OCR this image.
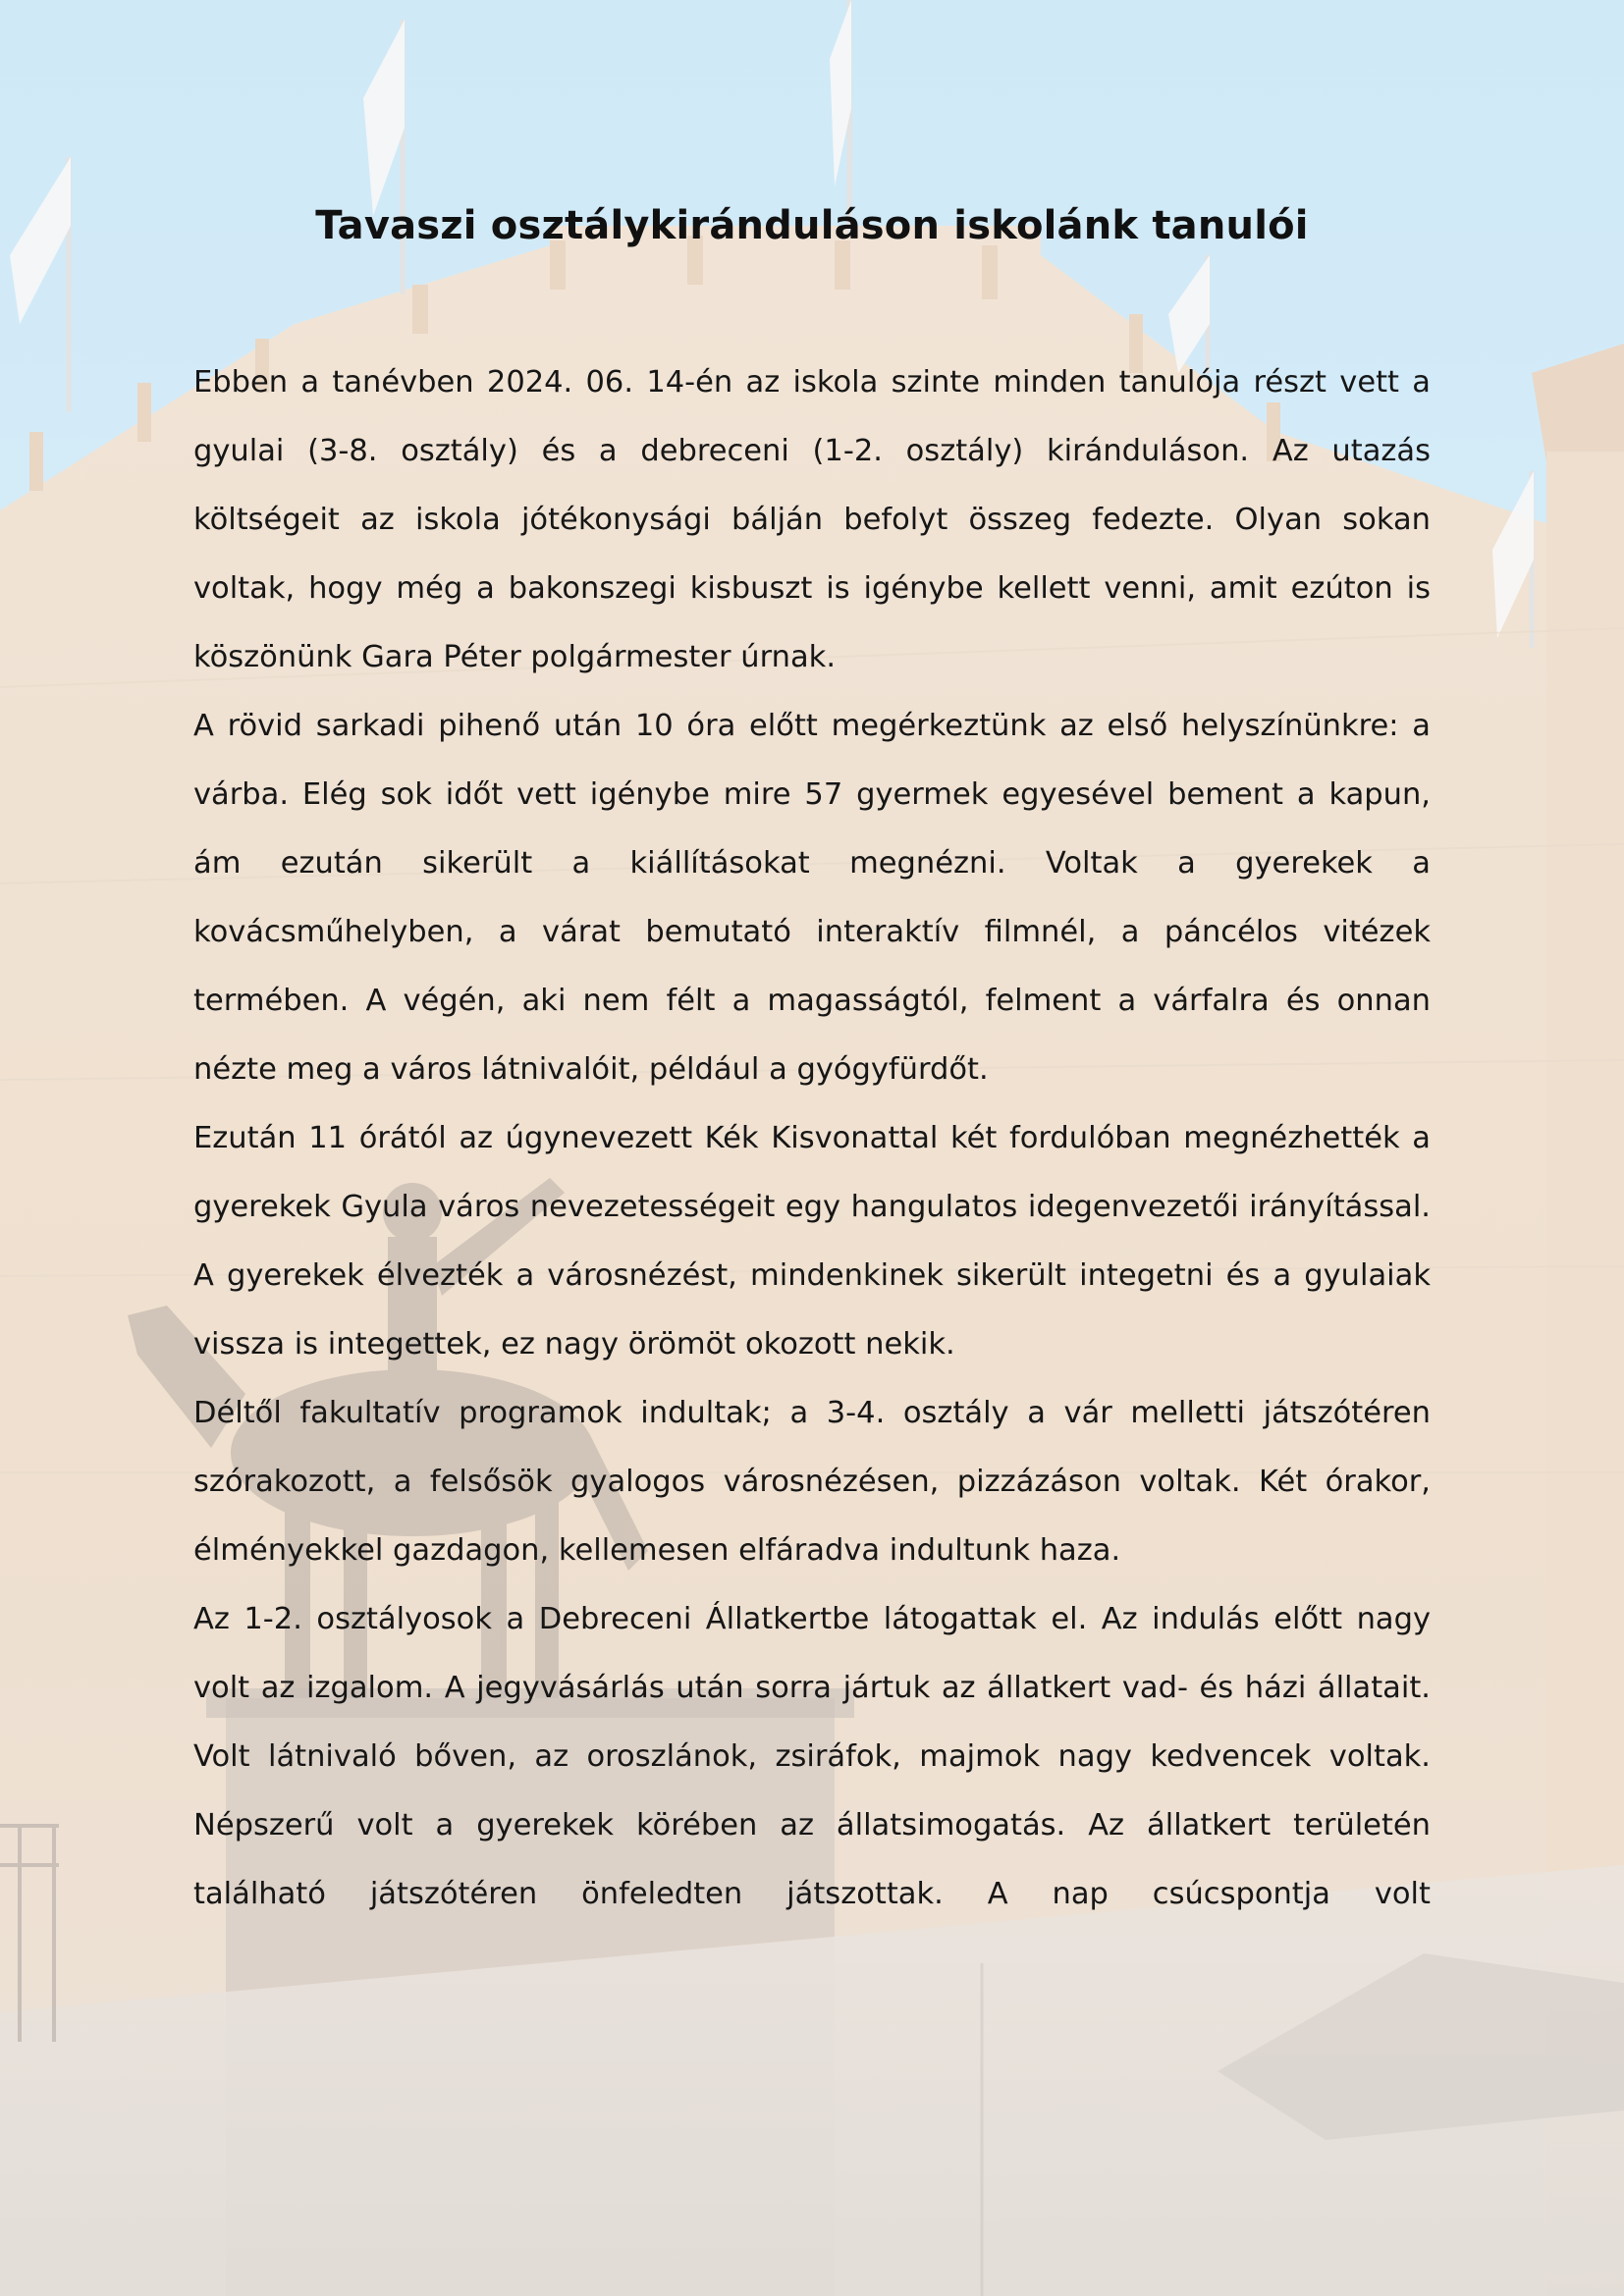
Tavaszi osztálykiránduláson iskolánk tanulói

Ebben a tanévben 2024. 06. 14-én az iskola szinte minden tanulója részt vett a gyulai (3-8. osztály) és a debreceni (1-2. osztály) kiránduláson. Az utazás költségeit az iskola jótékonysági bálján befolyt összeg fedezte. Olyan sokan voltak, hogy még a bakonszegi kisbuszt is igénybe kellett venni, amit ezúton is köszönünk Gara Péter polgármester úrnak.

A rövid sarkadi pihenő után 10 óra előtt megérkeztünk az első helyszínünkre: a várba. Elég sok időt vett igénybe mire 57 gyermek egyesével bement a kapun, ám ezután sikerült a kiállításokat megnézni. Voltak a gyerekek a kovácsműhelyben, a várat bemutató interaktív filmnél, a páncélos vitézek termében. A végén, aki nem félt a magasságtól, felment a várfalra és onnan nézte meg a város látnivalóit, például a gyógyfürdőt.

Ezután 11 órától az úgynevezett Kék Kisvonattal két fordulóban megnézhették a gyerekek Gyula város nevezetességeit egy hangulatos idegenvezetői irányítással. A gyerekek élvezték a városnézést, mindenkinek sikerült integetni és a gyulaiak vissza is integettek, ez nagy örömöt okozott nekik.

Déltől fakultatív programok indultak; a 3-4. osztály a vár melletti játszótéren szórakozott, a felsősök gyalogos városnézésen, pizzázáson voltak. Két órakor, élményekkel gazdagon, kellemesen elfáradva indultunk haza.

Az 1-2. osztályosok a Debreceni Állatkertbe látogattak el. Az indulás előtt nagy volt az izgalom. A jegyvásárlás után sorra jártuk az állatkert vad- és házi állatait. Volt látnivaló bőven, az oroszlánok, zsiráfok, majmok nagy kedvencek voltak. Népszerű volt a gyerekek körében az állatsimogatás. Az állatkert területén található játszótéren önfeledten játszottak. A nap csúcspontja volt
